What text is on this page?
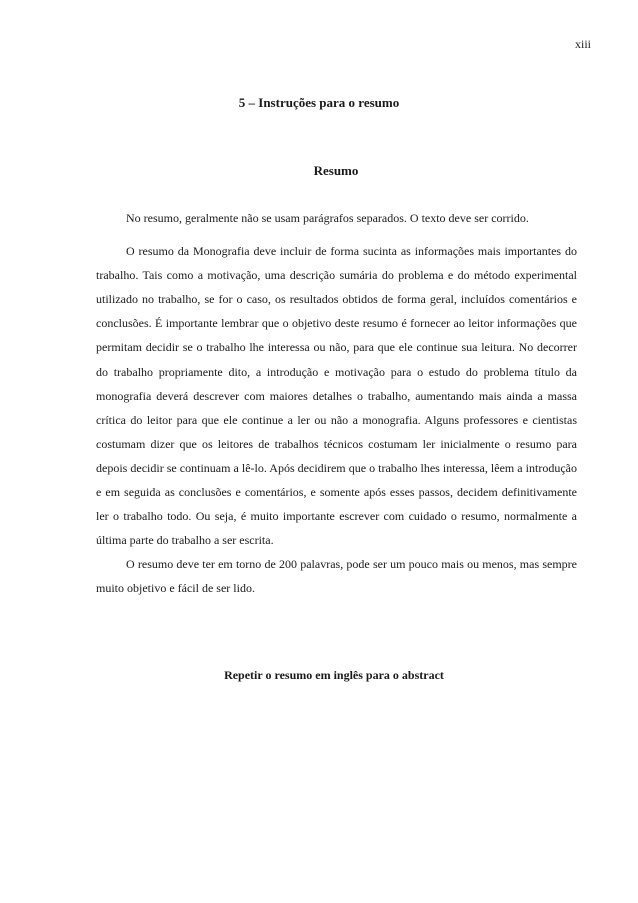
xiii
5 – Instruções para o resumo
Resumo

No resumo, geralmente não se usam parágrafos separados. O texto deve ser corrido.

O resumo da Monografia deve incluir de forma sucinta as informações mais importantes do trabalho. Tais como a motivação, uma descrição sumária do problema e do método experimental utilizado no trabalho, se for o caso, os resultados obtidos de forma geral, incluídos comentários e conclusões. É importante lembrar que o objetivo deste resumo é fornecer ao leitor informações que permitam decidir se o trabalho lhe interessa ou não, para que ele continue sua leitura. No decorrer do trabalho propriamente dito, a introdução e motivação para o estudo do problema título da monografia deverá descrever com maiores detalhes o trabalho, aumentando mais ainda a massa crítica do leitor para que ele continue a ler ou não a monografia. Alguns professores e cientistas costumam dizer que os leitores de trabalhos técnicos costumam ler inicialmente o resumo para depois decidir se continuam a lê-lo. Após decidirem que o trabalho lhes interessa, lêem a introdução e em seguida as conclusões e comentários, e somente após esses passos, decidem definitivamente ler o trabalho todo. Ou seja, é muito importante escrever com cuidado o resumo, normalmente a última parte do trabalho a ser escrita.

O resumo deve ter em torno de 200 palavras, pode ser um pouco mais ou menos, mas sempre muito objetivo e fácil de ser lido.

Repetir o resumo em inglês para o abstract
